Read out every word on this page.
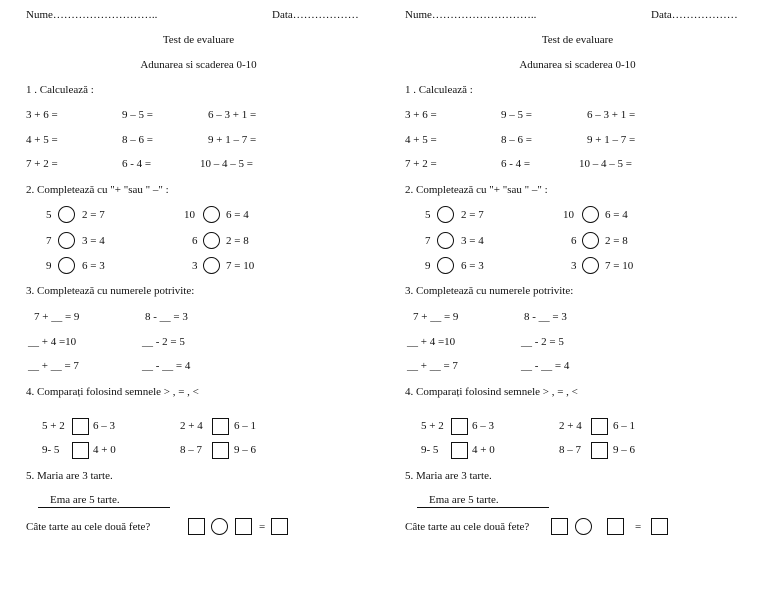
Nume………………………..	Data………………
Test de evaluare
Adunarea si scaderea 0-10
1 . Calculează :
3 + 6 =	9 – 5 =	6 – 3 + 1 =
4 + 5 =	8 – 6 =	9 + 1 – 7 =
7 + 2 =	6 - 4 =	10 – 4 – 5 =
2. Completează cu "+ "sau " –" :
5	2 = 7	10	6 = 4
7	3 = 4	6	2 = 8
9	6 = 3	3	7 = 10
3. Completează cu numerele potrivite:
7 + __ = 9	8 - __ = 3
__ + 4 =10	__ - 2 = 5
__ + __ = 7	__ - __ = 4
4. Comparați folosind semnele > , = , <
5 + 2	6 – 3	2 + 4	6 – 1
9- 5	4 + 0	8 – 7	9 – 6
5. Maria are 3 tarte.
Ema are 5 tarte.
Câte tarte au cele două fete?	=
Nume………………………..	Data………………
Test de evaluare
Adunarea si scaderea 0-10
1 . Calculează :
3 + 6 =	9 – 5 =	6 – 3 + 1 =
4 + 5 =	8 – 6 =	9 + 1 – 7 =
7 + 2 =	6 - 4 =	10 – 4 – 5 =
2. Completează cu "+ "sau " –" :
5	2 = 7	10	6 = 4
7	3 = 4	6	2 = 8
9	6 = 3	3	7 = 10
3. Completează cu numerele potrivite:
7 + __ = 9	8 - __ = 3
__ + 4 =10	__ - 2 = 5
__ + __ = 7	__ - __ = 4
4. Comparați folosind semnele > , = , <
5 + 2	6 – 3	2 + 4	6 – 1
9- 5	4 + 0	8 – 7	9 – 6
5. Maria are 3 tarte.
Ema are 5 tarte.
Câte tarte au cele două fete?	=
